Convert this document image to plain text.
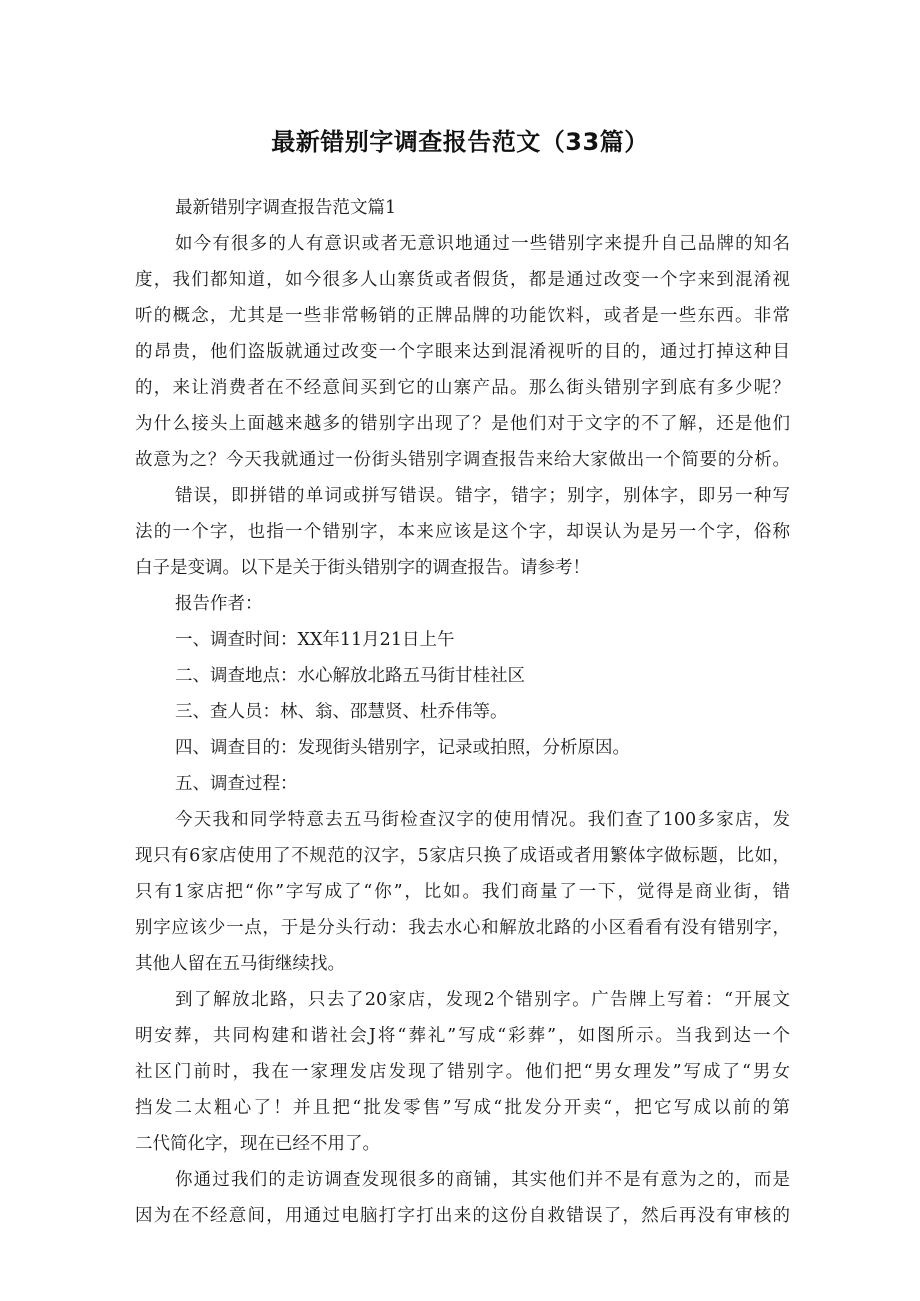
最新错别字调查报告范文（33篇）
最新错别字调查报告范文篇1
如今有很多的人有意识或者无意识地通过一些错别字来提升自己品牌的知名
度，我们都知道，如今很多人山寨货或者假货，都是通过改变一个字来到混淆视
听的概念，尤其是一些非常畅销的正牌品牌的功能饮料，或者是一些东西。非常
的昂贵，他们盗版就通过改变一个字眼来达到混淆视听的目的，通过打掉这种目
的，来让消费者在不经意间买到它的山寨产品。那么街头错别字到底有多少呢？
为什么接头上面越来越多的错别字出现了？是他们对于文字的不了解，还是他们
故意为之？今天我就通过一份街头错别字调查报告来给大家做出一个简要的分析。
错误，即拼错的单词或拼写错误。错字，错字；别字，别体字，即另一种写
法的一个字，也指一个错别字，本来应该是这个字，却误认为是另一个字，俗称
白子是变调。以下是关于街头错别字的调查报告。请参考！
报告作者：
一、调查时间：XX年11月21日上午
二、调查地点：水心解放北路五马街甘桂社区
三、查人员：林、翁、邵慧贤、杜乔伟等。
四、调查目的：发现街头错别字，记录或拍照，分析原因。
五、调查过程：
今天我和同学特意去五马街检查汉字的使用情况。我们查了100多家店，发
现只有6家店使用了不规范的汉字，5家店只换了成语或者用繁体字做标题，比如，
只有1家店把“你”字写成了“你”，比如。我们商量了一下，觉得是商业街，错
别字应该少一点，于是分头行动：我去水心和解放北路的小区看看有没有错别字，
其他人留在五马街继续找。
到了解放北路，只去了20家店，发现2个错别字。广告牌上写着：“开展文
明安葬，共同构建和谐社会J将“葬礼”写成“彩葬”，如图所示。当我到达一个
社区门前时，我在一家理发店发现了错别字。他们把“男女理发”写成了“男女
挡发二太粗心了！并且把“批发零售”写成“批发分开卖“，把它写成以前的第
二代简化字，现在已经不用了。
你通过我们的走访调查发现很多的商铺，其实他们并不是有意为之的，而是
因为在不经意间，用通过电脑打字打出来的这份自救错误了，然后再没有审核的
